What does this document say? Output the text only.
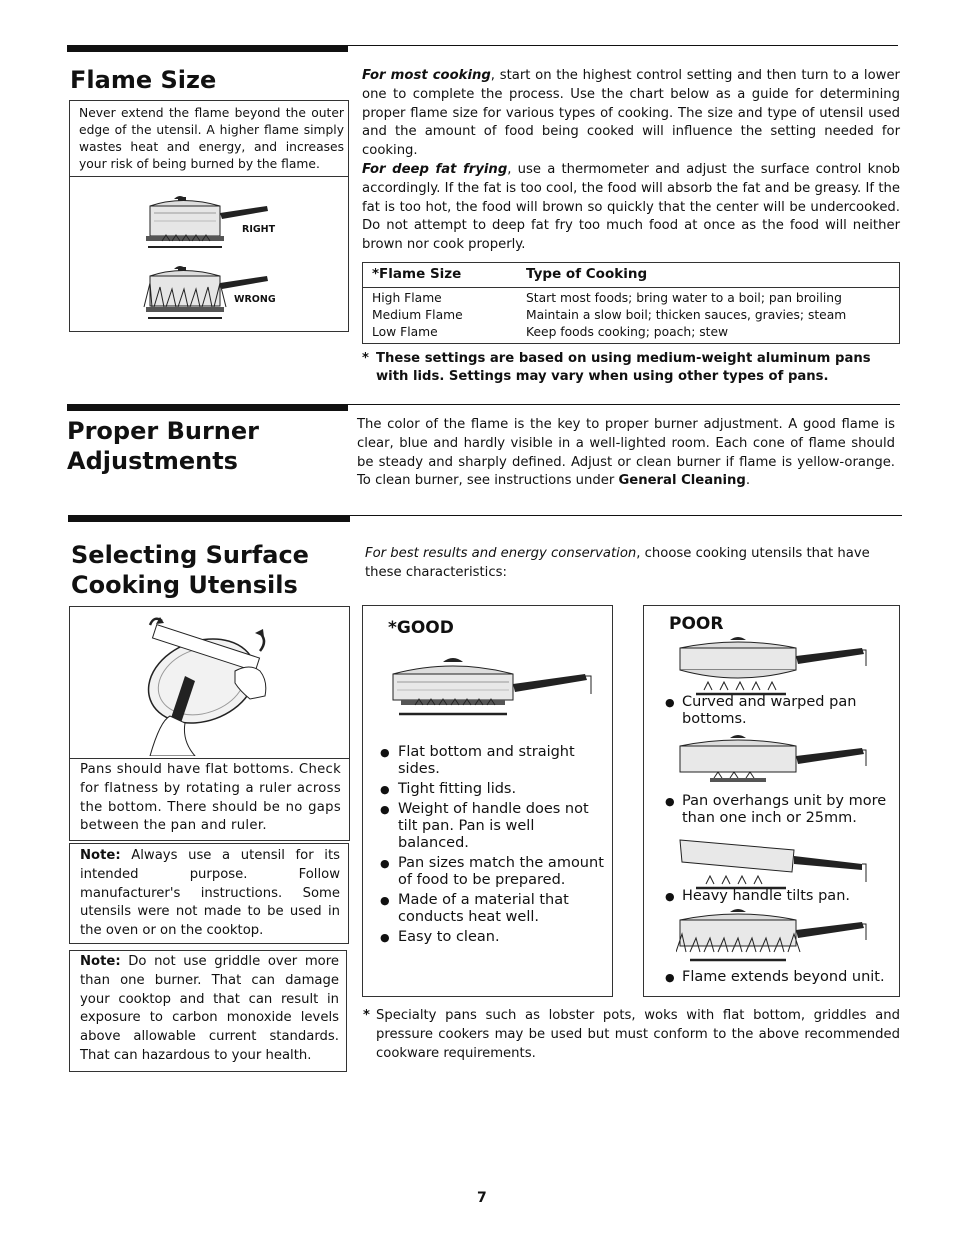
Flame Size

Never extend the flame beyond the outer edge of the utensil. A higher flame simply wastes heat and energy, and increases your risk of being burned by the flame.

RIGHT
WRONG
For most cooking, start on the highest control setting and then turn to a lower one to complete the process. Use the chart below as a guide for determining proper flame size for various types of cooking. The size and type of utensil used and the amount of food being cooked will influence the setting needed for cooking.
For deep fat frying, use a thermometer and adjust the surface control knob accordingly. If the fat is too cool, the food will absorb the fat and be greasy. If the fat is too hot, the food will brown so quickly that the center will be undercooked. Do not attempt to deep fat fry too much food at once as the food will neither brown nor cook properly.
*Flame Size	Type of Cooking
High Flame	Start most foods; bring water to a boil; pan broiling
Medium Flame	Maintain a slow boil; thicken sauces, gravies; steam
Low Flame	Keep foods cooking; poach; stew
* These settings are based on using medium-weight aluminum pans with lids. Settings may vary when using other types of pans.
Proper Burner
Adjustments
The color of the flame is the key to proper burner adjustment. A good flame is clear, blue and hardly visible in a well-lighted room. Each cone of flame should be steady and sharply defined. Adjust or clean burner if flame is yellow-orange. To clean burner, see instructions under General Cleaning.
Selecting Surface
Cooking Utensils
For best results and energy conservation, choose cooking utensils that have these characteristics:

Pans should have flat bottoms. Check for flatness by rotating a ruler across the bottom. There should be no gaps between the pan and ruler.

Note: Always use a utensil for its intended purpose. Follow manufacturer's instructions. Some utensils were not made to be used in the oven or on the cooktop.

Note: Do not use griddle over more than one burner. That can damage your cooktop and that can result in exposure to carbon monoxide levels above allowable current standards. That can hazardous to your health.

*GOOD
● Flat bottom and straight sides.
● Tight fitting lids.
● Weight of handle does not tilt pan. Pan is well balanced.
● Pan sizes match the amount of food to be prepared.
● Made of a material that conducts heat well.
● Easy to clean.
POOR
● Curved and warped pan bottoms.
● Pan overhangs unit by more than one inch or 25mm.
● Heavy handle tilts pan.
● Flame extends beyond unit.
* Specialty pans such as lobster pots, woks with flat bottom, griddles and pressure cookers may be used but must conform to the above recommended cookware requirements.
7
